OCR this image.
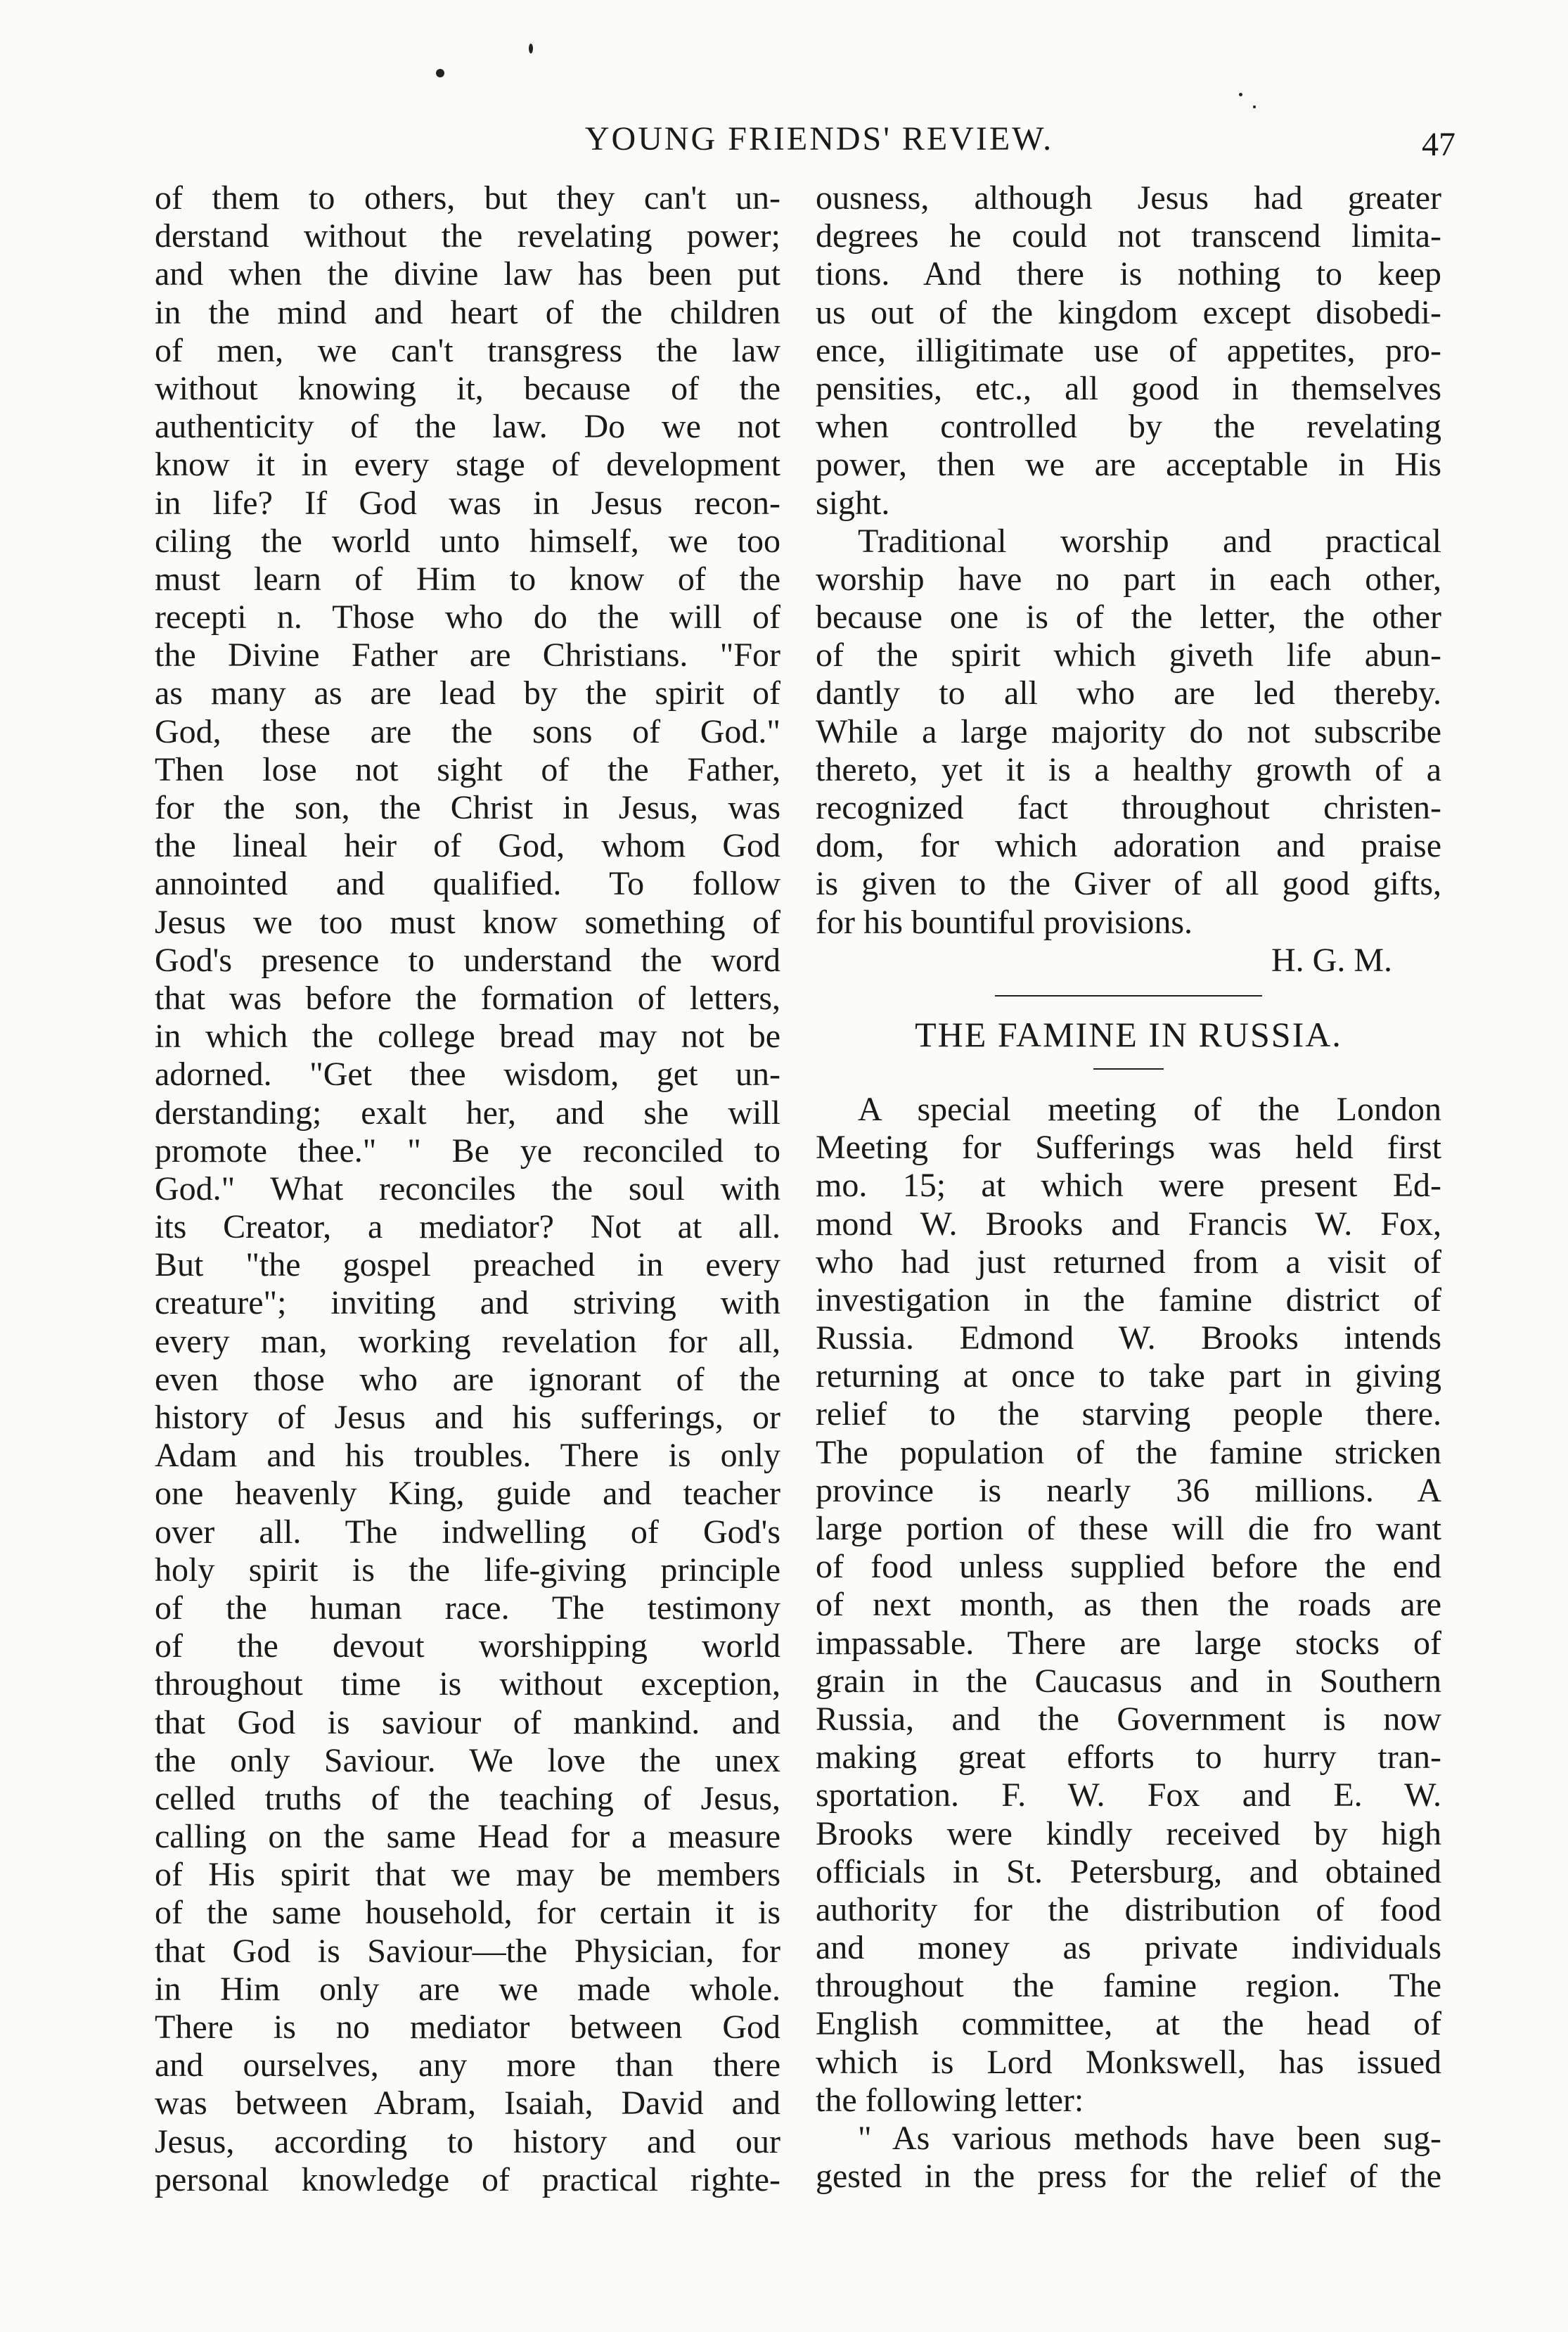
YOUNG FRIENDS' REVIEW.	47
of them to others, but they can't un-
derstand without the revelating power;
and when the divine law has been put
in the mind and heart of the children
of men, we can't transgress the law
without knowing it, because of the
authenticity of the law. Do we not
know it in every stage of development
in life? If God was in Jesus recon-
ciling the world unto himself, we too
must learn of Him to know of the
recepti n. Those who do the will of
the Divine Father are Christians. "For
as many as are lead by the spirit of
God, these are the sons of God."
Then lose not sight of the Father,
for the son, the Christ in Jesus, was
the lineal heir of God, whom God
annointed and qualified. To follow
Jesus we too must know something of
God's presence to understand the word
that was before the formation of letters,
in which the college bread may not be
adorned. "Get thee wisdom, get un-
derstanding; exalt her, and she will
promote thee." " Be ye reconciled to
God." What reconciles the soul with
its Creator, a mediator? Not at all.
But "the gospel preached in every
creature"; inviting and striving with
every man, working revelation for all,
even those who are ignorant of the
history of Jesus and his sufferings, or
Adam and his troubles. There is only
one heavenly King, guide and teacher
over all. The indwelling of God's
holy spirit is the life-giving principle
of the human race. The testimony
of the devout worshipping world
throughout time is without exception,
that God is saviour of mankind. and
the only Saviour. We love the unex
celled truths of the teaching of Jesus,
calling on the same Head for a measure
of His spirit that we may be members
of the same household, for certain it is
that God is Saviour—the Physician, for
in Him only are we made whole.
There is no mediator between God
and ourselves, any more than there
was between Abram, Isaiah, David and
Jesus, according to history and our
personal knowledge of practical righte-
ousness, although Jesus had greater
degrees he could not transcend limita-
tions. And there is nothing to keep
us out of the kingdom except disobedi-
ence, illigitimate use of appetites, pro-
pensities, etc., all good in themselves
when controlled by the revelating
power, then we are acceptable in His
sight.
Traditional worship and practical
worship have no part in each other,
because one is of the letter, the other
of the spirit which giveth life abun-
dantly to all who are led thereby.
While a large majority do not subscribe
thereto, yet it is a healthy growth of a
recognized fact throughout christen-
dom, for which adoration and praise
is given to the Giver of all good gifts,
for his bountiful provisions.
H. G. M.
THE FAMINE IN RUSSIA.
A special meeting of the London
Meeting for Sufferings was held first
mo. 15; at which were present Ed-
mond W. Brooks and Francis W. Fox,
who had just returned from a visit of
investigation in the famine district of
Russia. Edmond W. Brooks intends
returning at once to take part in giving
relief to the starving people there.
The population of the famine stricken
province is nearly 36 millions. A
large portion of these will die fro want
of food unless supplied before the end
of next month, as then the roads are
impassable. There are large stocks of
grain in the Caucasus and in Southern
Russia, and the Government is now
making great efforts to hurry tran-
sportation. F. W. Fox and E. W.
Brooks were kindly received by high
officials in St. Petersburg, and obtained
authority for the distribution of food
and money as private individuals
throughout the famine region. The
English committee, at the head of
which is Lord Monkswell, has issued
the following letter:
" As various methods have been sug-
gested in the press for the relief of the
